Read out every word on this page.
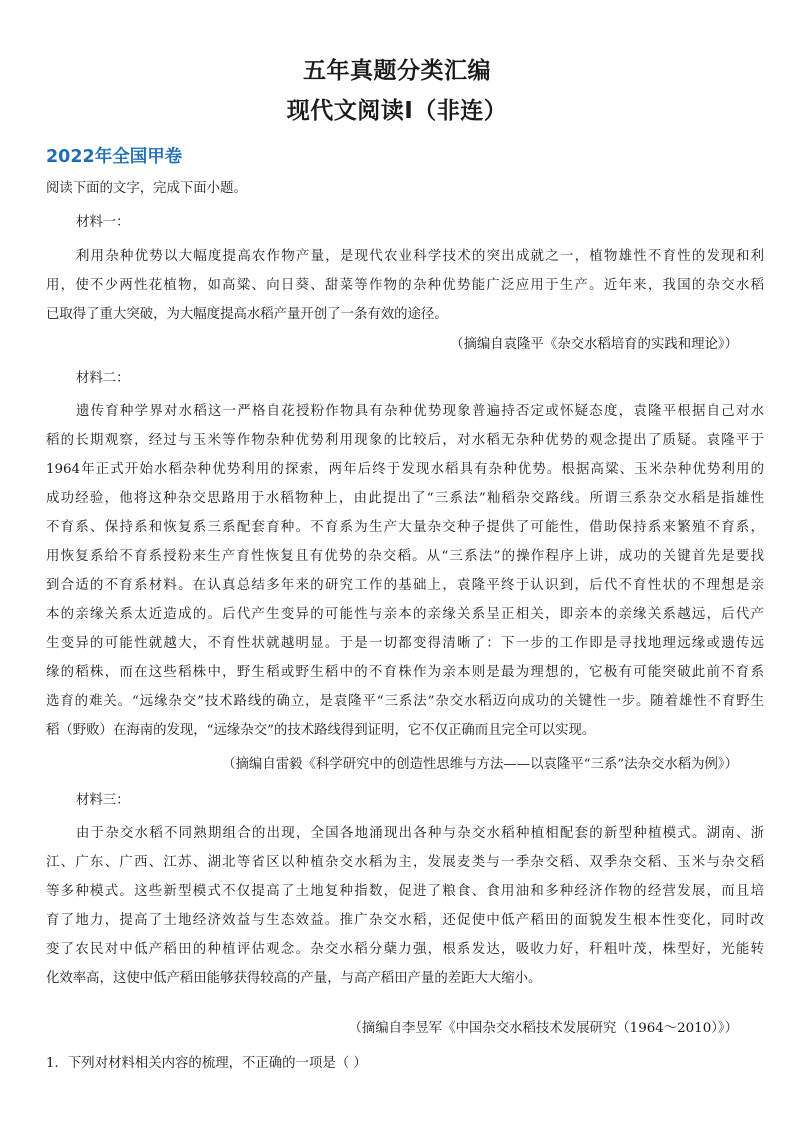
五年真题分类汇编
现代文阅读Ⅰ（非连）
2022年全国甲卷
阅读下面的文字，完成下面小题。
材料一：
利用杂种优势以大幅度提高农作物产量，是现代农业科学技术的突出成就之一，植物雄性不育性的发现和利
用，使不少两性花植物，如高粱、向日葵、甜菜等作物的杂种优势能广泛应用于生产。近年来，我国的杂交水稻
已取得了重大突破，为大幅度提高水稻产量开创了一条有效的途径。
（摘编自袁隆平《杂交水稻培育的实践和理论》）
材料二：
遗传育种学界对水稻这一严格自花授粉作物具有杂种优势现象普遍持否定或怀疑态度，袁隆平根据自己对水
稻的长期观察，经过与玉米等作物杂种优势利用现象的比较后，对水稻无杂种优势的观念提出了质疑。袁隆平于
1964年正式开始水稻杂种优势利用的探索，两年后终于发现水稻具有杂种优势。根据高粱、玉米杂种优势利用的
成功经验，他将这种杂交思路用于水稻物种上，由此提出了“三系法”籼稻杂交路线。所谓三系杂交水稻是指雄性
不育系、保持系和恢复系三系配套育种。不育系为生产大量杂交种子提供了可能性，借助保持系来繁殖不育系，
用恢复系给不育系授粉来生产育性恢复且有优势的杂交稻。从“三系法”的操作程序上讲，成功的关键首先是要找
到合适的不育系材料。在认真总结多年来的研究工作的基础上，袁隆平终于认识到，后代不育性状的不理想是亲
本的亲缘关系太近造成的。后代产生变异的可能性与亲本的亲缘关系呈正相关，即亲本的亲缘关系越远，后代产
生变异的可能性就越大，不育性状就越明显。于是一切都变得清晰了：下一步的工作即是寻找地理远缘或遗传远
缘的稻株，而在这些稻株中，野生稻或野生稻中的不育株作为亲本则是最为理想的，它极有可能突破此前不育系
选育的难关。“远缘杂交”技术路线的确立，是袁隆平“三系法”杂交水稻迈向成功的关键性一步。随着雄性不育野生
稻（野败）在海南的发现，“远缘杂交”的技术路线得到证明，它不仅正确而且完全可以实现。
（摘编自雷毅《科学研究中的创造性思维与方法——以袁隆平“三系”法杂交水稻为例》）
材料三：
由于杂交水稻不同熟期组合的出现，全国各地涌现出各种与杂交水稻种植相配套的新型种植模式。湖南、浙
江、广东、广西、江苏、湖北等省区以种植杂交水稻为主，发展麦类与一季杂交稻、双季杂交稻、玉米与杂交稻
等多种模式。这些新型模式不仅提高了土地复种指数，促进了粮食、食用油和多种经济作物的经营发展，而且培
育了地力，提高了土地经济效益与生态效益。推广杂交水稻，还促使中低产稻田的面貌发生根本性变化，同时改
变了农民对中低产稻田的种植评估观念。杂交水稻分蘖力强，根系发达，吸收力好，秆粗叶茂，株型好，光能转
化效率高，这使中低产稻田能够获得较高的产量，与高产稻田产量的差距大大缩小。
（摘编自李昱军《中国杂交水稻技术发展研究（1964～2010）》）
1．下列对材料相关内容的梳理，不正确的一项是（ ）
